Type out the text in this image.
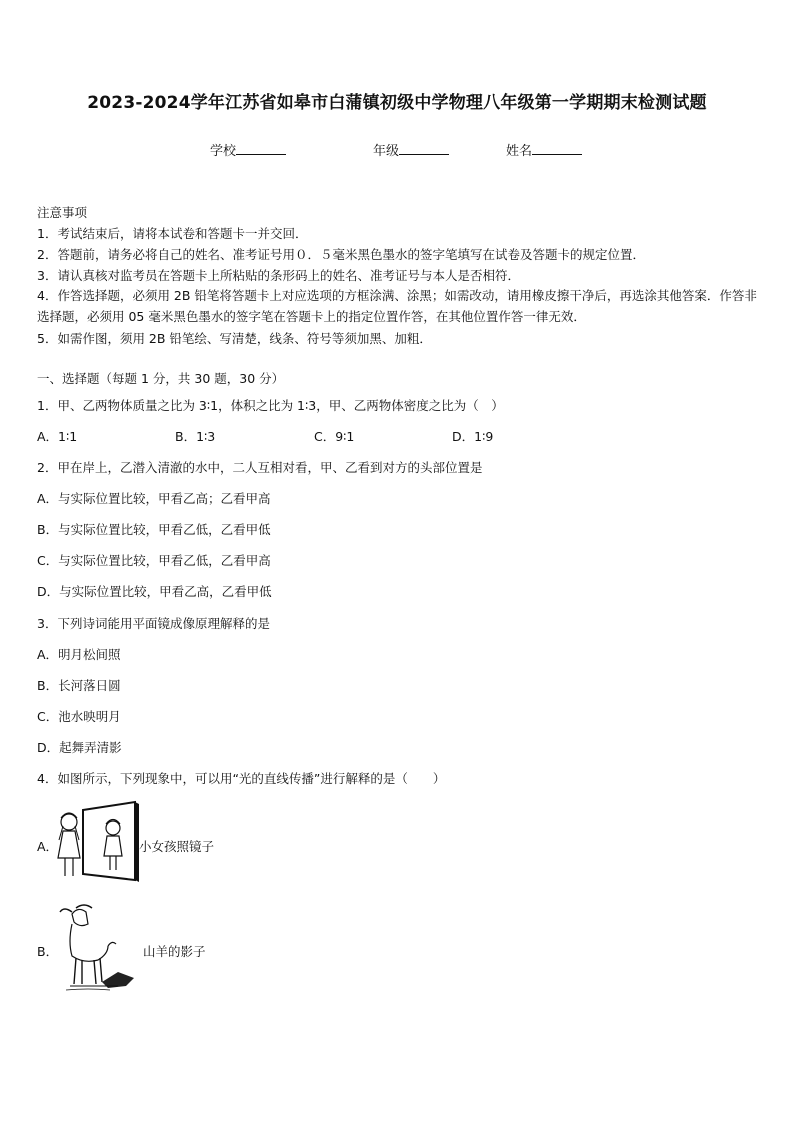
2023-2024学年江苏省如皋市白蒲镇初级中学物理八年级第一学期期末检测试题
学校	年级	姓名
注意事项
1．考试结束后，请将本试卷和答题卡一并交回．
2．答题前，请务必将自己的姓名、准考证号用０．５毫米黑色墨水的签字笔填写在试卷及答题卡的规定位置．
3．请认真核对监考员在答题卡上所粘贴的条形码上的姓名、准考证号与本人是否相符．
4．作答选择题，必须用 2B 铅笔将答题卡上对应选项的方框涂满、涂黑；如需改动，请用橡皮擦干净后，再选涂其他答案．作答非选择题，必须用 05 毫米黑色墨水的签字笔在答题卡上的指定位置作答，在其他位置作答一律无效．
5．如需作图，须用 2B 铅笔绘、写清楚，线条、符号等须加黑、加粗．
一、选择题（每题 1 分，共 30 题，30 分）
1．甲、乙两物体质量之比为 3∶1，体积之比为 1∶3，甲、乙两物体密度之比为（　）
A．1∶1	B．1∶3	C．9∶1	D．1∶9
2．甲在岸上，乙潜入清澈的水中，二人互相对看，甲、乙看到对方的头部位置是
A．与实际位置比较，甲看乙高；乙看甲高
B．与实际位置比较，甲看乙低，乙看甲低
C．与实际位置比较，甲看乙低，乙看甲高
D．与实际位置比较，甲看乙高，乙看甲低
3．下列诗词能用平面镜成像原理解释的是
A．明月松间照
B．长河落日圆
C．池水映明月
D．起舞弄清影
4．如图所示，下列现象中，可以用“光的直线传播”进行解释的是（　　）
A．	小女孩照镜子
B．	山羊的影子
